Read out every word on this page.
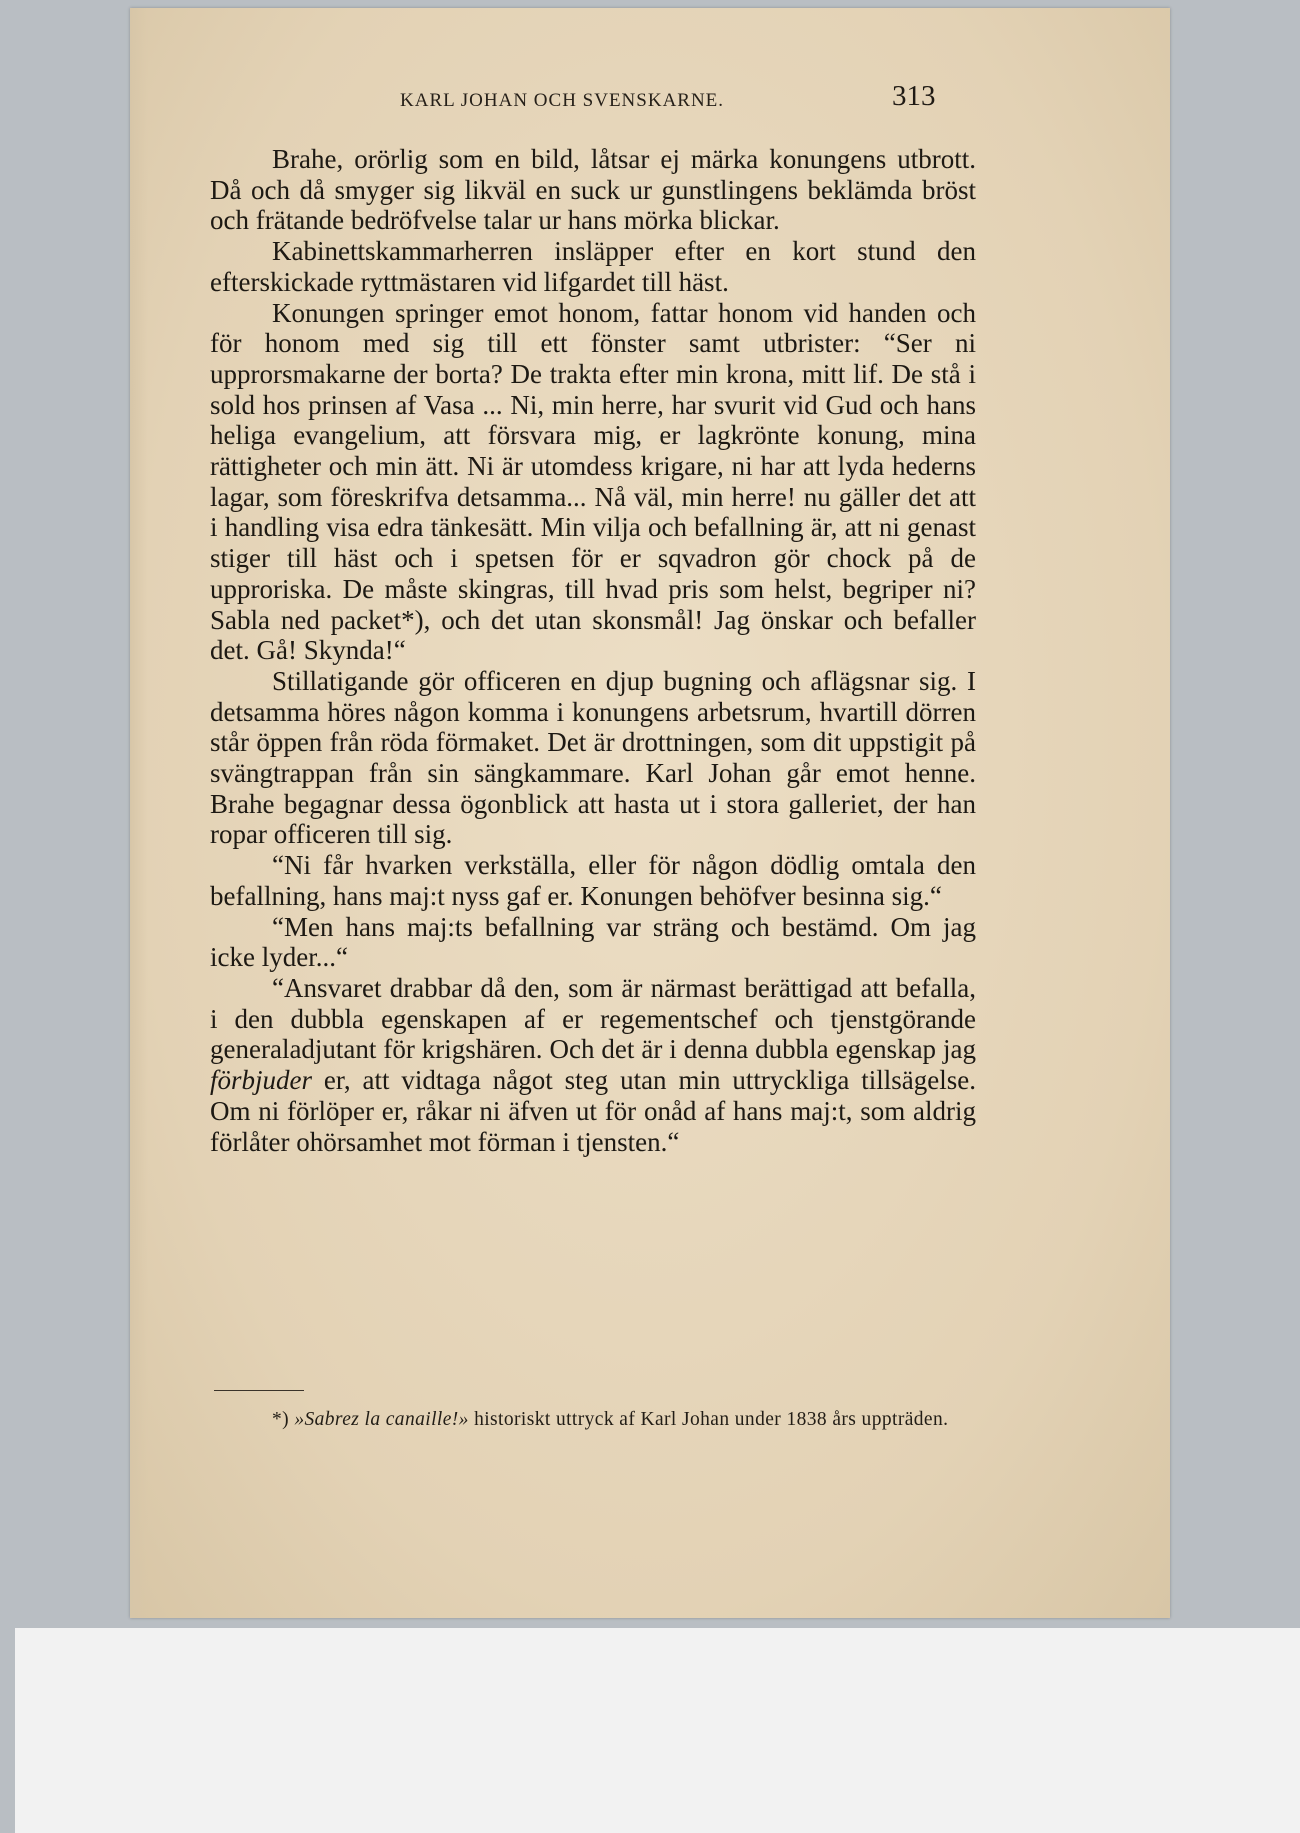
KARL JOHAN OCH SVENSKARNE.	313

Brahe, orörlig som en bild, låtsar ej märka konungens utbrott. Då och då smyger sig likväl en suck ur gunstlingens beklämda bröst och frätande bedröfvelse talar ur hans mörka blickar.

Kabinettskammarherren insläpper efter en kort stund den efterskickade ryttmästaren vid lifgardet till häst.

Konungen springer emot honom, fattar honom vid handen och för honom med sig till ett fönster samt utbrister: “Ser ni upprorsmakarne der borta? De trakta efter min krona, mitt lif. De stå i sold hos prinsen af Vasa ... Ni, min herre, har svurit vid Gud och hans heliga evangelium, att försvara mig, er lagkrönte konung, mina rättigheter och min ätt. Ni är utomdess krigare, ni har att lyda hederns lagar, som föreskrifva detsamma... Nå väl, min herre! nu gäller det att i handling visa edra tänkesätt. Min vilja och befallning är, att ni genast stiger till häst och i spetsen för er sqvadron gör chock på de upproriska. De måste skingras, till hvad pris som helst, begriper ni? Sabla ned packet*), och det utan skonsmål! Jag önskar och befaller det. Gå! Skynda!“

Stillatigande gör officeren en djup bugning och aflägsnar sig. I detsamma höres någon komma i konungens arbetsrum, hvartill dörren står öppen från röda förmaket. Det är drottningen, som dit uppstigit på svängtrappan från sin sängkammare. Karl Johan går emot henne. Brahe begagnar dessa ögonblick att hasta ut i stora galleriet, der han ropar officeren till sig.

“Ni får hvarken verkställa, eller för någon dödlig omtala den befallning, hans maj:t nyss gaf er. Konungen behöfver besinna sig.“

“Men hans maj:ts befallning var sträng och bestämd. Om jag icke lyder...“

“Ansvaret drabbar då den, som är närmast berättigad att befalla, i den dubbla egenskapen af er regementschef och tjenstgörande generaladjutant för krigshären. Och det är i denna dubbla egenskap jag förbjuder er, att vidtaga något steg utan min uttryckliga tillsägelse. Om ni förlöper er, råkar ni äfven ut för onåd af hans maj:t, som aldrig förlåter ohörsamhet mot förman i tjensten.“

*) »Sabrez la canaille!» historiskt uttryck af Karl Johan under 1838 års uppträden.
